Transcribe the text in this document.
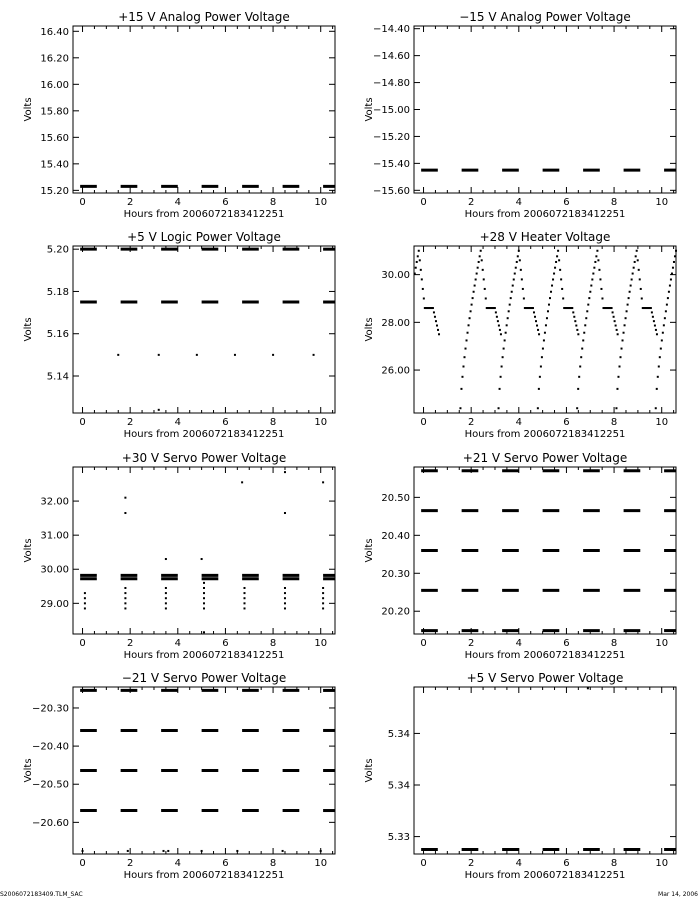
0	2	4	6	8	10
15.20
15.40
15.60
15.80
16.00
16.20
16.40
+15 V Analog Power Voltage
Hours from 2006072183412251
Volts
0	2	4	6	8	10
−15.60
−15.40
−15.20
−15.00
−14.80
−14.60
−14.40
−15 V Analog Power Voltage
Hours from 2006072183412251
Volts
0	2	4	6	8	10
5.14
5.16
5.18
5.20
+5 V Logic Power Voltage
Hours from 2006072183412251
Volts
0	2	4	6	8	10
26.00
28.00
30.00
+28 V Heater Voltage
Hours from 2006072183412251
Volts
0	2	4	6	8	10
29.00
30.00
31.00
32.00
+30 V Servo Power Voltage
Hours from 2006072183412251
Volts
0	2	4	6	8	10
20.20
20.30
20.40
20.50
+21 V Servo Power Voltage
Hours from 2006072183412251
Volts
0	2	4	6	8	10
−20.60
−20.50
−20.40
−20.30
−21 V Servo Power Voltage
Hours from 2006072183412251
Volts
0	2	4	6	8	10
5.33
5.34
5.34
+5 V Servo Power Voltage
Hours from 2006072183412251
Volts
S2006072183409.TLM_SAC	Mar 14, 2006
